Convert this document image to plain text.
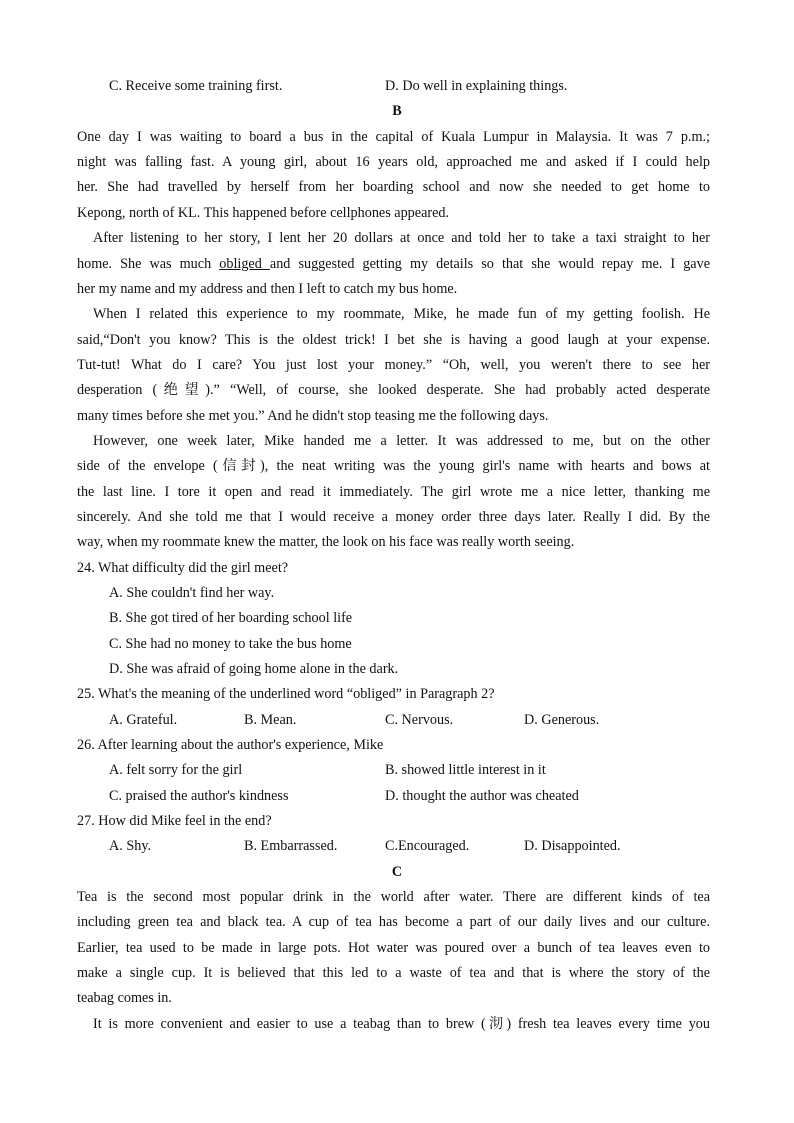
C. Receive some training first.	D. Do well in explaining things.
B
One day I was waiting to board a bus in the capital of Kuala Lumpur in Malaysia. It was 7 p.m.;
night was falling fast. A young girl, about 16 years old, approached me and asked if I could help
her. She had travelled by herself from her boarding school and now she needed to get home to
Kepong, north of KL. This happened before cellphones appeared.
After listening to her story, I lent her 20 dollars at once and told her to take a taxi straight to her
home. She was much obliged and suggested getting my details so that she would repay me. I gave
her my name and my address and then I left to catch my bus home.
When I related this experience to my roommate, Mike, he made fun of my getting foolish. He
said,“Don't you know? This is the oldest trick! I bet she is having a good laugh at your expense.
Tut-tut! What do I care? You just lost your money.” “Oh, well, you weren't there to see her
desperation (绝望).” “Well, of course, she looked desperate. She had probably acted desperate
many times before she met you.” And he didn't stop teasing me the following days.
However, one week later, Mike handed me a letter. It was addressed to me, but on the other
side of the envelope (信封), the neat writing was the young girl's name with hearts and bows at
the last line. I tore it open and read it immediately. The girl wrote me a nice letter, thanking me
sincerely. And she told me that I would receive a money order three days later. Really I did. By the
way, when my roommate knew the matter, the look on his face was really worth seeing.
24. What difficulty did the girl meet?
A. She couldn't find her way.
B. She got tired of her boarding school life
C. She had no money to take the bus home
D. She was afraid of going home alone in the dark.
25. What's the meaning of the underlined word “obliged” in Paragraph 2?
A. Grateful.	B. Mean.	C. Nervous.	D. Generous.
26. After learning about the author's experience, Mike
A. felt sorry for the girl	B. showed little interest in it
C. praised the author's kindness	D. thought the author was cheated
27. How did Mike feel in the end?
A. Shy.	B. Embarrassed.	C.Encouraged.	D. Disappointed.
C
Tea is the second most popular drink in the world after water. There are different kinds of tea
including green tea and black tea. A cup of tea has become a part of our daily lives and our culture.
Earlier, tea used to be made in large pots. Hot water was poured over a bunch of tea leaves even to
make a single cup. It is believed that this led to a waste of tea and that is where the story of the
teabag comes in.
It is more convenient and easier to use a teabag than to brew (沏) fresh tea leaves every time you
